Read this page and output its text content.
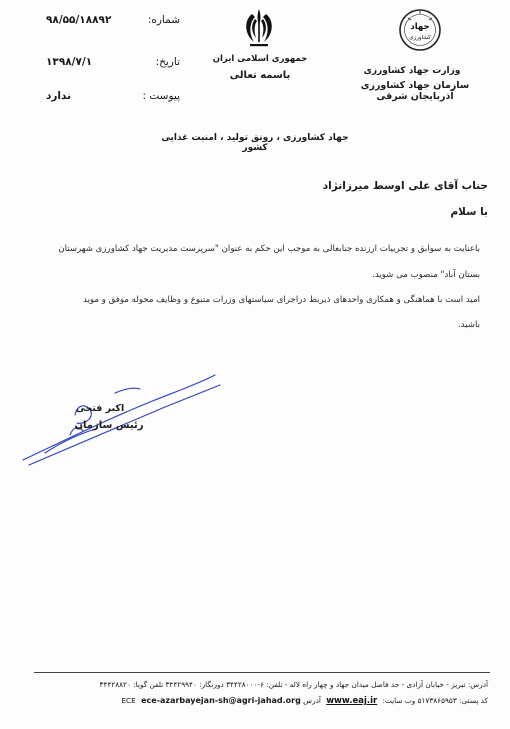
شماره:
۹۸/۵۵/۱۸۸۹۲
تاریخ:
۱۳۹۸/۷/۱
پیوست :
ندارد
جمهوری اسلامی ایران
باسمه تعالی
جهاد
کشاورزی
وزارت جهاد کشاورزی
سازمان جهاد کشاورزی آذربایجان شرقی
جهاد کشاورزی ، رونق تولید ، امنیت غذایی کشور
جناب آقای علی اوسط میرزانژاد
با سلام
باعنایت به سوابق و تجربیات ارزنده جنابعالی به موجب این حکم به عنوان "سرپرست مدیریت جهاد کشاورزی شهرستان
بستان آباد" منصوب می شوید.
امید است با هماهنگی و همکاری واحدهای ذیربط دراجرای سیاستهای وزرات متبوع و وظایف محوله موفق و موید
باشید.
اکبر فتحی
رئیس سازمان
آدرس: تبریز - خیابان آزادی - حد فاصل میدان جهاد و چهار راه لاله - تلفن: ۶-۳۴۴۲۸۰۰۰ دورنگار: ۳۴۴۲۹۹۴۰ تلفن گویا: ۳۴۴۲۸۸۲۰
کد پستی: ۵۱۷۳۸۶۵۹۵۳ وب سایت: www.eaj.ir آدرس ECE ece-azarbayejan-sh@agri-jahad.org
